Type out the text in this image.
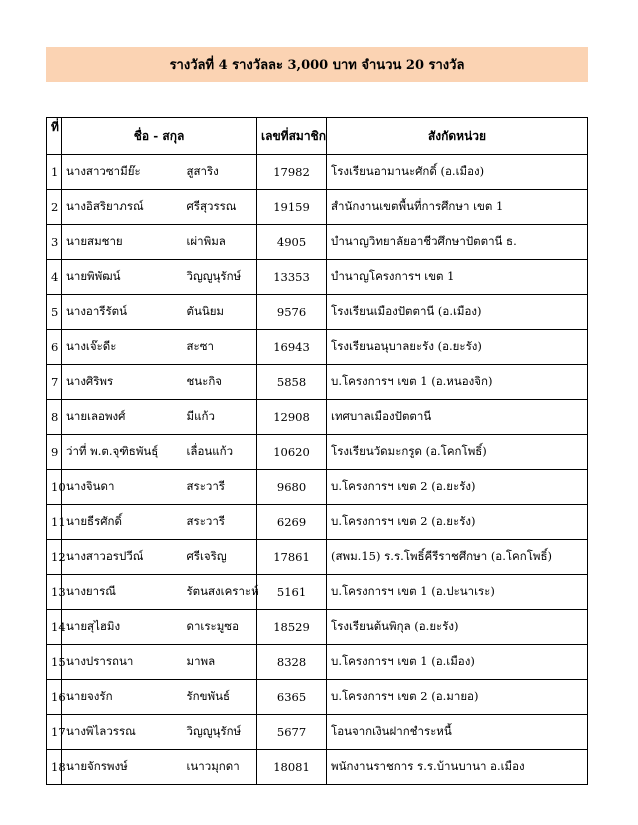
รางวัลที่ 4 รางวัลละ 3,000 บาท จำนวน 20 รางวัล
ที่	ชื่อ - สกุล		เลขที่สมาชิก	สังกัดหน่วย
1	นางสาวซามีย๊ะ	สูสาริง	17982	โรงเรียนอามานะศักดิ์ (อ.เมือง)
2	นางอิสริยาภรณ์	ศรีสุวรรณ	19159	สำนักงานเขตพื้นที่การศึกษา เขต 1
3	นายสมชาย	เผ่าพิมล	4905	บำนาญวิทยาลัยอาชีวศึกษาปัตตานี ธ.
4	นายพิพัฒน์	วิญญูนุรักษ์	13353	บำนาญโครงการฯ เขต 1
5	นางอารีรัตน์	ตันนิยม	9576	โรงเรียนเมืองปัตตานี (อ.เมือง)
6	นางเจ๊ะดีะ	สะซา	16943	โรงเรียนอนุบาลยะรัง (อ.ยะรัง)
7	นางศิริพร	ชนะกิจ	5858	บ.โครงการฯ เขต 1 (อ.หนองจิก)
8	นายเลอพงศ์	มีแก้ว	12908	เทศบาลเมืองปัตตานี
9	ว่าที่ พ.ต.จุฑิธพันธุ์	เลื่อนแก้ว	10620	โรงเรียนวัดมะกรูด (อ.โคกโพธิ์)
10	นางจินดา	สระวารี	9680	บ.โครงการฯ เขต 2 (อ.ยะรัง)
11	นายธีรศักดิ์	สระวารี	6269	บ.โครงการฯ เขต 2 (อ.ยะรัง)
12	นางสาวอรปวีณ์	ศรีเจริญ	17861	(สพม.15) ร.ร.โพธิ์คีรีราชศึกษา (อ.โคกโพธิ์)
13	นางยารณี	รัตนสงเคราะห์	5161	บ.โครงการฯ เขต 1 (อ.ปะนาเระ)
14	นายสุไฮมิง	ดาเระมูซอ	18529	โรงเรียนต้นพิกุล (อ.ยะรัง)
15	นางปรารถนา	มาพล	8328	บ.โครงการฯ เขต 1 (อ.เมือง)
16	นายจงรัก	รักขพันธ์	6365	บ.โครงการฯ เขต 2 (อ.มายอ)
17	นางพิไลวรรณ	วิญญูนุรักษ์	5677	โอนจากเงินฝากชำระหนี้
18	นายจักรพงษ์	เนาวมุกดา	18081	พนักงานราชการ ร.ร.บ้านบานา อ.เมือง
